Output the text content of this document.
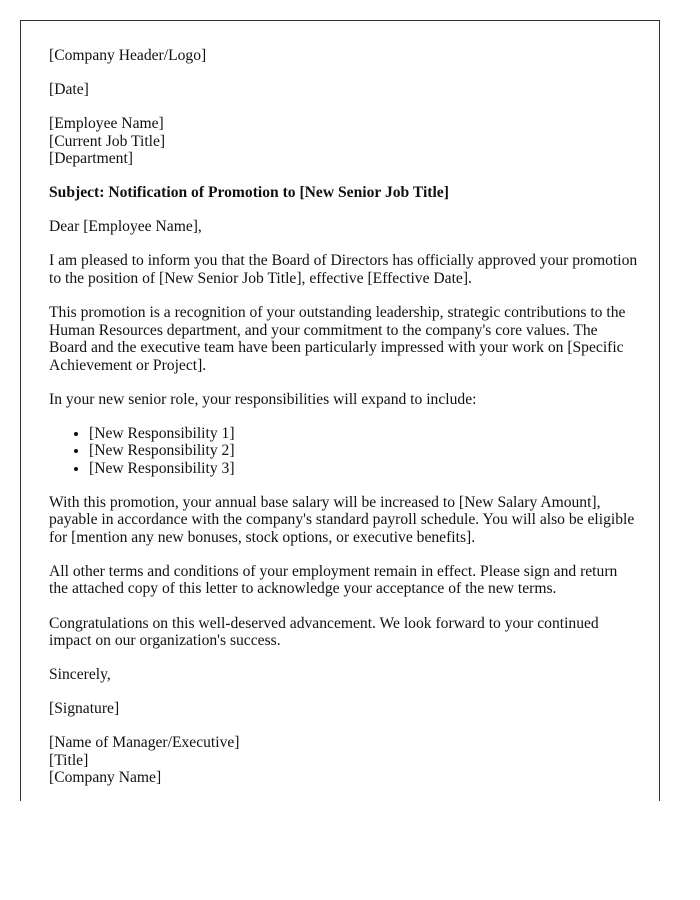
[Company Header/Logo]

[Date]

[Employee Name]

[Current Job Title]

[Department]

Subject: Notification of Promotion to [New Senior Job Title]

Dear [Employee Name],

I am pleased to inform you that the Board of Directors has officially approved your promotion to the position of [New Senior Job Title], effective [Effective Date].

This promotion is a recognition of your outstanding leadership, strategic contributions to the Human Resources department, and your commitment to the company's core values. The Board and the executive team have been particularly impressed with your work on [Specific Achievement or Project].

In your new senior role, your responsibilities will expand to include:

• [New Responsibility 1]
• [New Responsibility 2]
• [New Responsibility 3]

With this promotion, your annual base salary will be increased to [New Salary Amount], payable in accordance with the company's standard payroll schedule. You will also be eligible for [mention any new bonuses, stock options, or executive benefits].

All other terms and conditions of your employment remain in effect. Please sign and return the attached copy of this letter to acknowledge your acceptance of the new terms.

Congratulations on this well-deserved advancement. We look forward to your continued impact on our organization's success.

Sincerely,

[Signature]

[Name of Manager/Executive]

[Title]

[Company Name]
